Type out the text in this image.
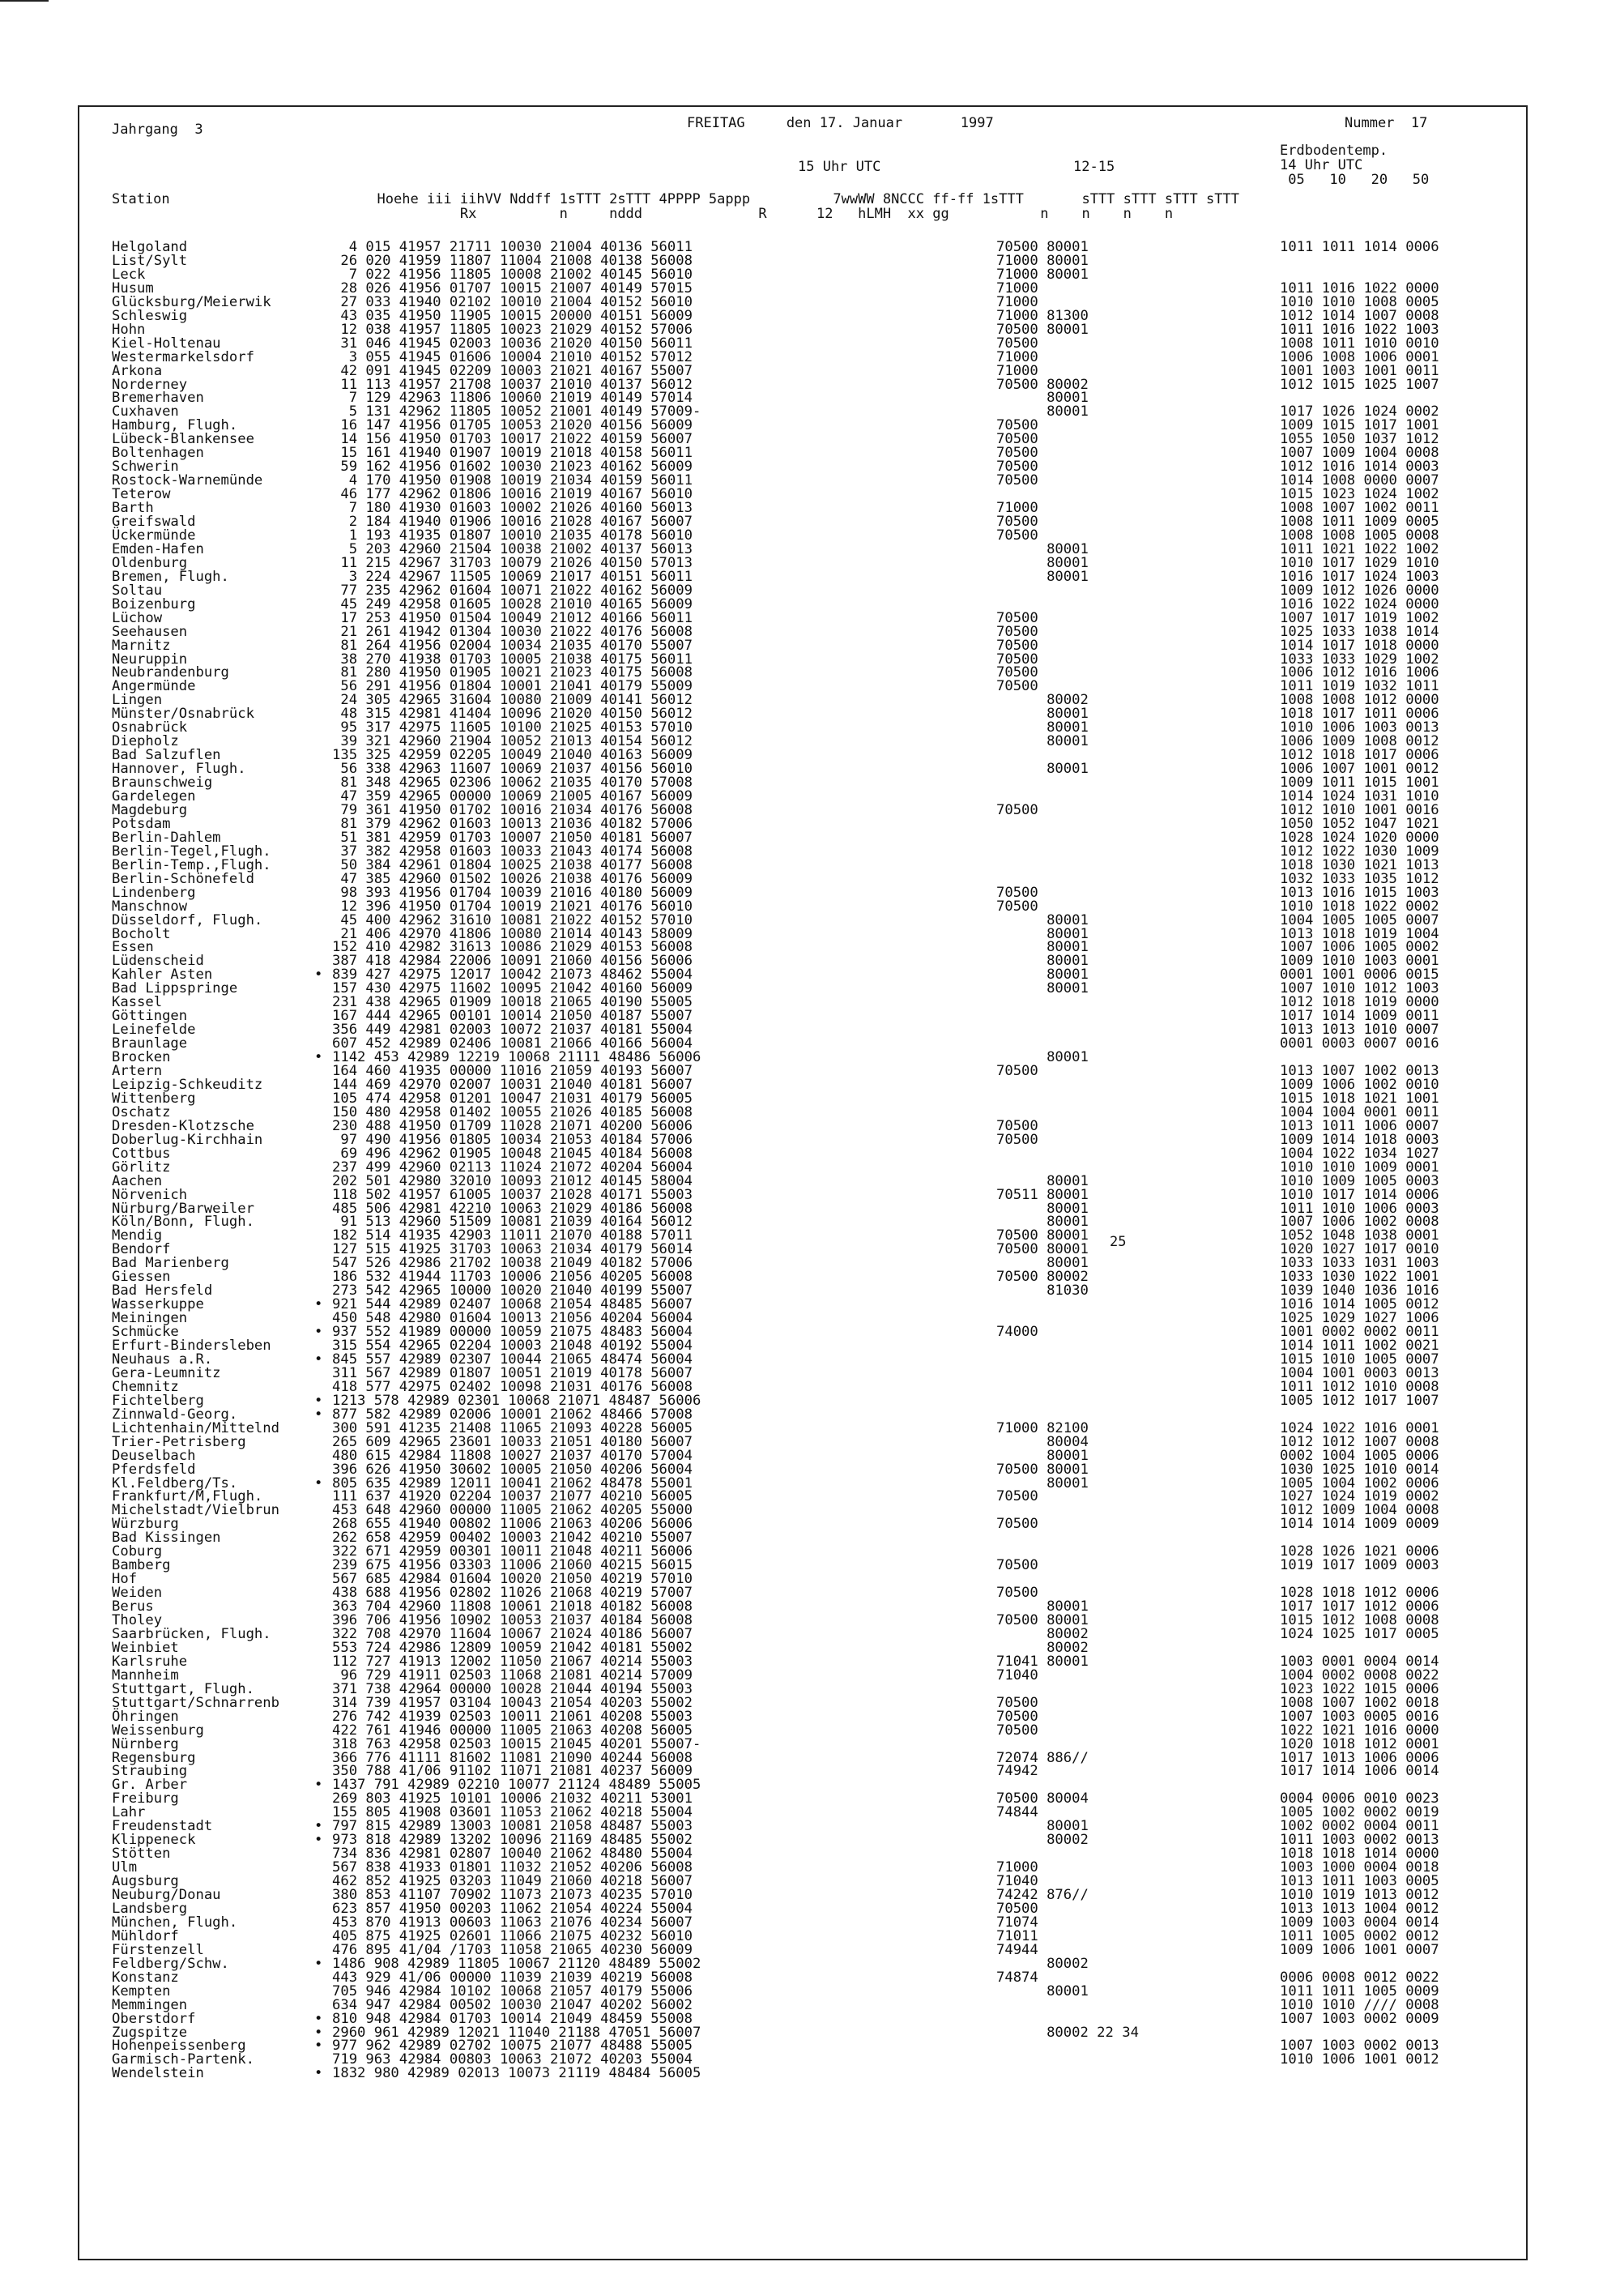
Jahrgang  3	FREITAG     den 17. Januar       1997	Nummer  17
Erdbodentemp.
14 Uhr UTC
05   10   20   50
15 Uhr UTC	12-15
Station                         Hoehe iii iihVV Nddff 1sTTT 2sTTT 4PPPP 5appp          7wwWW 8NCCC ff-ff 1sTTT       sTTT sTTT sTTT sTTT
Rx          n     nddd              R      12   hLMH  xx gg           n    n    n    n
Helgoland	4 015 41957 21711 10030 21004 40136 56011	70500 80001	1011 1011 1014 0006
List/Sylt	26 020 41959 11807 11004 21008 40138 56008	71000 80001
Leck	7 022 41956 11805 10008 21002 40145 56010	71000 80001
Husum	28 026 41956 01707 10015 21007 40149 57015	71000	1011 1016 1022 0000
Glücksburg/Meierwik	27 033 41940 02102 10010 21004 40152 56010	71000	1010 1010 1008 0005
Schleswig	43 035 41950 11905 10015 20000 40151 56009	71000 81300	1012 1014 1007 0008
Hohn	12 038 41957 11805 10023 21029 40152 57006	70500 80001	1011 1016 1022 1003
Kiel-Holtenau	31 046 41945 02003 10036 21020 40150 56011	70500	1008 1011 1010 0010
Westermarkelsdorf	3 055 41945 01606 10004 21010 40152 57012	71000	1006 1008 1006 0001
Arkona	42 091 41945 02209 10003 21021 40167 55007	71000	1001 1003 1001 0011
Norderney	11 113 41957 21708 10037 21010 40137 56012	70500 80002	1012 1015 1025 1007
Bremerhaven	7 129 42963 11806 10060 21019 40149 57014	80001
Cuxhaven	5 131 42962 11805 10052 21001 40149 57009-	80001	1017 1026 1024 0002
Hamburg, Flugh.	16 147 41956 01705 10053 21020 40156 56009	70500	1009 1015 1017 1001
Lübeck-Blankensee	14 156 41950 01703 10017 21022 40159 56007	70500	1055 1050 1037 1012
Boltenhagen	15 161 41940 01907 10019 21018 40158 56011	70500	1007 1009 1004 0008
Schwerin	59 162 41956 01602 10030 21023 40162 56009	70500	1012 1016 1014 0003
Rostock-Warnemünde	4 170 41950 01908 10019 21034 40159 56011	70500	1014 1008 0000 0007
Teterow	46 177 42962 01806 10016 21019 40167 56010	1015 1023 1024 1002
Barth	7 180 41930 01603 10002 21026 40160 56013	71000	1008 1007 1002 0011
Greifswald	2 184 41940 01906 10016 21028 40167 56007	70500	1008 1011 1009 0005
Ückermünde	1 193 41935 01807 10010 21035 40178 56010	70500	1008 1008 1005 0008
Emden-Hafen	5 203 42960 21504 10038 21002 40137 56013	80001	1011 1021 1022 1002
Oldenburg	11 215 42967 31703 10079 21026 40150 57013	80001	1010 1017 1029 1010
Bremen, Flugh.	3 224 42967 11505 10069 21017 40151 56011	80001	1016 1017 1024 1003
Soltau	77 235 42962 01604 10071 21022 40162 56009	1009 1012 1026 0000
Boizenburg	45 249 42958 01605 10028 21010 40165 56009	1016 1022 1024 0000
Lüchow	17 253 41950 01504 10049 21012 40166 56011	70500	1007 1017 1019 1002
Seehausen	21 261 41942 01304 10030 21022 40176 56008	70500	1025 1033 1038 1014
Marnitz	81 264 41956 02004 10034 21035 40170 55007	70500	1014 1017 1018 0000
Neuruppin	38 270 41938 01703 10005 21038 40175 56011	70500	1033 1033 1029 1002
Neubrandenburg	81 280 41950 01905 10021 21023 40175 56008	70500	1006 1012 1016 1006
Angermünde	56 291 41956 01804 10001 21041 40179 55009	70500	1011 1019 1032 1011
Lingen	24 305 42965 31604 10080 21009 40141 56012	80002	1008 1008 1012 0000
Münster/Osnabrück	48 315 42981 41404 10096 21020 40150 56012	80001	1018 1017 1011 0006
Osnabrück	95 317 42975 11605 10100 21025 40153 57010	80001	1010 1006 1003 0013
Diepholz	39 321 42960 21904 10052 21013 40154 56012	80001	1006 1009 1008 0012
Bad Salzuflen	135 325 42959 02205 10049 21040 40163 56009	1012 1018 1017 0006
Hannover, Flugh.	56 338 42963 11607 10069 21037 40156 56010	80001	1006 1007 1001 0012
Braunschweig	81 348 42965 02306 10062 21035 40170 57008	1009 1011 1015 1001
Gardelegen	47 359 42965 00000 10069 21005 40167 56009	1014 1024 1031 1010
Magdeburg	79 361 41950 01702 10016 21034 40176 56008	70500	1012 1010 1001 0016
Potsdam	81 379 42962 01603 10013 21036 40182 57006	1050 1052 1047 1021
Berlin-Dahlem	51 381 42959 01703 10007 21050 40181 56007	1028 1024 1020 0000
Berlin-Tegel,Flugh.	37 382 42958 01603 10033 21043 40174 56008	1012 1022 1030 1009
Berlin-Temp.,Flugh.	50 384 42961 01804 10025 21038 40177 56008	1018 1030 1021 1013
Berlin-Schönefeld	47 385 42960 01502 10026 21038 40176 56009	1032 1033 1035 1012
Lindenberg	98 393 41956 01704 10039 21016 40180 56009	70500	1013 1016 1015 1003
Manschnow	12 396 41950 01704 10019 21021 40176 56010	70500	1010 1018 1022 0002
Düsseldorf, Flugh.	45 400 42962 31610 10081 21022 40152 57010	80001	1004 1005 1005 0007
Bocholt	21 406 42970 41806 10080 21014 40143 58009	80001	1013 1018 1019 1004
Essen	152 410 42982 31613 10086 21029 40153 56008	80001	1007 1006 1005 0002
Lüdenscheid	387 418 42984 22006 10091 21060 40156 56006	80001	1009 1010 1003 0001
Kahler Asten	• 839 427 42975 12017 10042 21073 48462 55004	80001	0001 1001 0006 0015
Bad Lippspringe	157 430 42975 11602 10095 21042 40160 56009	80001	1007 1010 1012 1003
Kassel	231 438 42965 01909 10018 21065 40190 55005	1012 1018 1019 0000
Göttingen	167 444 42965 00101 10014 21050 40187 55007	1017 1014 1009 0011
Leinefelde	356 449 42981 02003 10072 21037 40181 55004	1013 1013 1010 0007
Braunlage	607 452 42989 02406 10081 21066 40166 56004	0001 0003 0007 0016
Brocken	• 1142 453 42989 12219 10068 21111 48486 56006	80001
Artern	164 460 41935 00000 11016 21059 40193 56007	70500	1013 1007 1002 0013
Leipzig-Schkeuditz	144 469 42970 02007 10031 21040 40181 56007	1009 1006 1002 0010
Wittenberg	105 474 42958 01201 10047 21031 40179 56005	1015 1018 1021 1001
Oschatz	150 480 42958 01402 10055 21026 40185 56008	1004 1004 0001 0011
Dresden-Klotzsche	230 488 41950 01709 11028 21071 40200 56006	70500	1013 1011 1006 0007
Doberlug-Kirchhain	97 490 41956 01805 10034 21053 40184 57006	70500	1009 1014 1018 0003
Cottbus	69 496 42962 01905 10048 21045 40184 56008	1004 1022 1034 1027
Görlitz	237 499 42960 02113 11024 21072 40204 56004	1010 1010 1009 0001
Aachen	202 501 42980 32010 10093 21012 40145 58004	80001	1010 1009 1005 0003
Nörvenich	118 502 41957 61005 10037 21028 40171 55003	70511 80001	1010 1017 1014 0006
Nürburg/Barweiler	485 506 42981 42210 10063 21029 40186 56008	80001	1011 1010 1006 0003
Köln/Bonn, Flugh.	91 513 42960 51509 10081 21039 40164 56012	80001	1007 1006 1002 0008
Mendig	182 514 41935 42903 11011 21070 40188 57011	70500 80001	1052 1048 1038 0001
Bendorf	127 515 41925 31703 10063 21034 40179 56014	70500 80001	1020 1027 1017 0010
Bad Marienberg	547 526 42986 21702 10038 21049 40182 57006	80001	1033 1033 1031 1003
Giessen	186 532 41944 11703 10006 21056 40205 56008	70500 80002	1033 1030 1022 1001
Bad Hersfeld	273 542 42965 10000 10020 21040 40199 55007	81030	1039 1040 1036 1016
Wasserkuppe	• 921 544 42989 02407 10068 21054 48485 56007	1016 1014 1005 0012
Meiningen	450 548 42980 01604 10013 21056 40204 56004	1025 1029 1027 1006
Schmücke	• 937 552 41989 00000 10059 21075 48483 56004	74000	1001 0002 0002 0011
Erfurt-Bindersleben	315 554 42965 02204 10003 21048 40192 55004	1014 1011 1002 0021
Neuhaus a.R.	• 845 557 42989 02307 10044 21065 48474 56004	1015 1010 1005 0007
Gera-Leumnitz	311 567 42989 01807 10051 21019 40178 56007	1004 1001 0003 0013
Chemnitz	418 577 42975 02402 10098 21031 40176 56008	1011 1012 1010 0008
Fichtelberg	• 1213 578 42989 02301 10068 21071 48487 56006	1005 1012 1017 1007
Zinnwald-Georg.	• 877 582 42989 02006 10001 21062 48466 57008
Lichtenhain/Mittelnd	300 591 41235 21408 11065 21093 40228 56005	71000 82100	1024 1022 1016 0001
Trier-Petrisberg	265 609 42965 23601 10033 21051 40180 56007	80004	1012 1012 1007 0008
Deuselbach	480 615 42984 11808 10027 21037 40170 57004	80001	0002 1004 1005 0006
Pferdsfeld	396 626 41950 30602 10005 21050 40206 56004	70500 80001	1030 1025 1010 0014
Kl.Feldberg/Ts.	• 805 635 42989 12011 10041 21062 48478 55001	80001	1005 1004 1002 0006
Frankfurt/M,Flugh.	111 637 41920 02204 10037 21077 40210 56005	70500	1027 1024 1019 0002
Michelstadt/Vielbrun	453 648 42960 00000 11005 21062 40205 55000	1012 1009 1004 0008
Würzburg	268 655 41940 00802 11006 21063 40206 56006	70500	1014 1014 1009 0009
Bad Kissingen	262 658 42959 00402 10003 21042 40210 55007
Coburg	322 671 42959 00301 10011 21048 40211 56006	1028 1026 1021 0006
Bamberg	239 675 41956 03303 11006 21060 40215 56015	70500	1019 1017 1009 0003
Hof	567 685 42984 01604 10020 21050 40219 57010
Weiden	438 688 41956 02802 11026 21068 40219 57007	70500	1028 1018 1012 0006
Berus	363 704 42960 11808 10061 21018 40182 56008	80001	1017 1017 1012 0006
Tholey	396 706 41956 10902 10053 21037 40184 56008	70500 80001	1015 1012 1008 0008
Saarbrücken, Flugh.	322 708 42970 11604 10067 21024 40186 56007	80002	1024 1025 1017 0005
Weinbiet	553 724 42986 12809 10059 21042 40181 55002	80002
Karlsruhe	112 727 41913 12002 11050 21067 40214 55003	71041 80001	1003 0001 0004 0014
Mannheim	96 729 41911 02503 11068 21081 40214 57009	71040	1004 0002 0008 0022
Stuttgart, Flugh.	371 738 42964 00000 10028 21044 40194 55003	1023 1022 1015 0006
Stuttgart/Schnarrenb	314 739 41957 03104 10043 21054 40203 55002	70500	1008 1007 1002 0018
Öhringen	276 742 41939 02503 10011 21061 40208 55003	70500	1007 1003 0005 0016
Weissenburg	422 761 41946 00000 11005 21063 40208 56005	70500	1022 1021 1016 0000
Nürnberg	318 763 42958 02503 10015 21045 40201 55007-	1020 1018 1012 0001
Regensburg	366 776 41111 81602 11081 21090 40244 56008	72074 886//	1017 1013 1006 0006
Straubing	350 788 41/06 91102 11071 21081 40237 56009	74942	1017 1014 1006 0014
Gr. Arber	• 1437 791 42989 02210 10077 21124 48489 55005
Freiburg	269 803 41925 10101 10006 21032 40211 53001	70500 80004	0004 0006 0010 0023
Lahr	155 805 41908 03601 11053 21062 40218 55004	74844	1005 1002 0002 0019
Freudenstadt	• 797 815 42989 13003 10081 21058 48487 55003	80001	1002 0002 0004 0011
Klippeneck	• 973 818 42989 13202 10096 21169 48485 55002	80002	1011 1003 0002 0013
Stötten	734 836 42981 02807 10040 21062 48480 55004	1018 1018 1014 0000
Ulm	567 838 41933 01801 11032 21052 40206 56008	71000	1003 1000 0004 0018
Augsburg	462 852 41925 03203 11049 21060 40218 56007	71040	1013 1011 1003 0005
Neuburg/Donau	380 853 41107 70902 11073 21073 40235 57010	74242 876//	1010 1019 1013 0012
Landsberg	623 857 41950 00203 11062 21054 40224 55004	70500	1013 1013 1004 0012
München, Flugh.	453 870 41913 00603 11063 21076 40234 56007	71074	1009 1003 0004 0014
Mühldorf	405 875 41925 02601 11066 21075 40232 56010	71011	1011 1005 0002 0012
Fürstenzell	476 895 41/04 /1703 11058 21065 40230 56009	74944	1009 1006 1001 0007
Feldberg/Schw.	• 1486 908 42989 11805 10067 21120 48489 55002	80002
Konstanz	443 929 41/06 00000 11039 21039 40219 56008	74874	0006 0008 0012 0022
Kempten	705 946 42984 10102 10068 21057 40179 55006	80001	1011 1011 1005 0009
Memmingen	634 947 42984 00502 10030 21047 40202 56002	1010 1010 //// 0008
Oberstdorf	• 810 948 42984 01703 10014 21049 48459 55008	1007 1003 0002 0009
Zugspitze	• 2960 961 42989 12021 11040 21188 47051 56007	80002 22 34
Hohenpeissenberg	• 977 962 42989 02702 10075 21077 48488 55005	1007 1003 0002 0013
Garmisch-Partenk.	719 963 42984 00803 10063 21072 40203 55004	1010 1006 1001 0012
Wendelstein	• 1832 980 42989 02013 10073 21119 48484 56005
25
